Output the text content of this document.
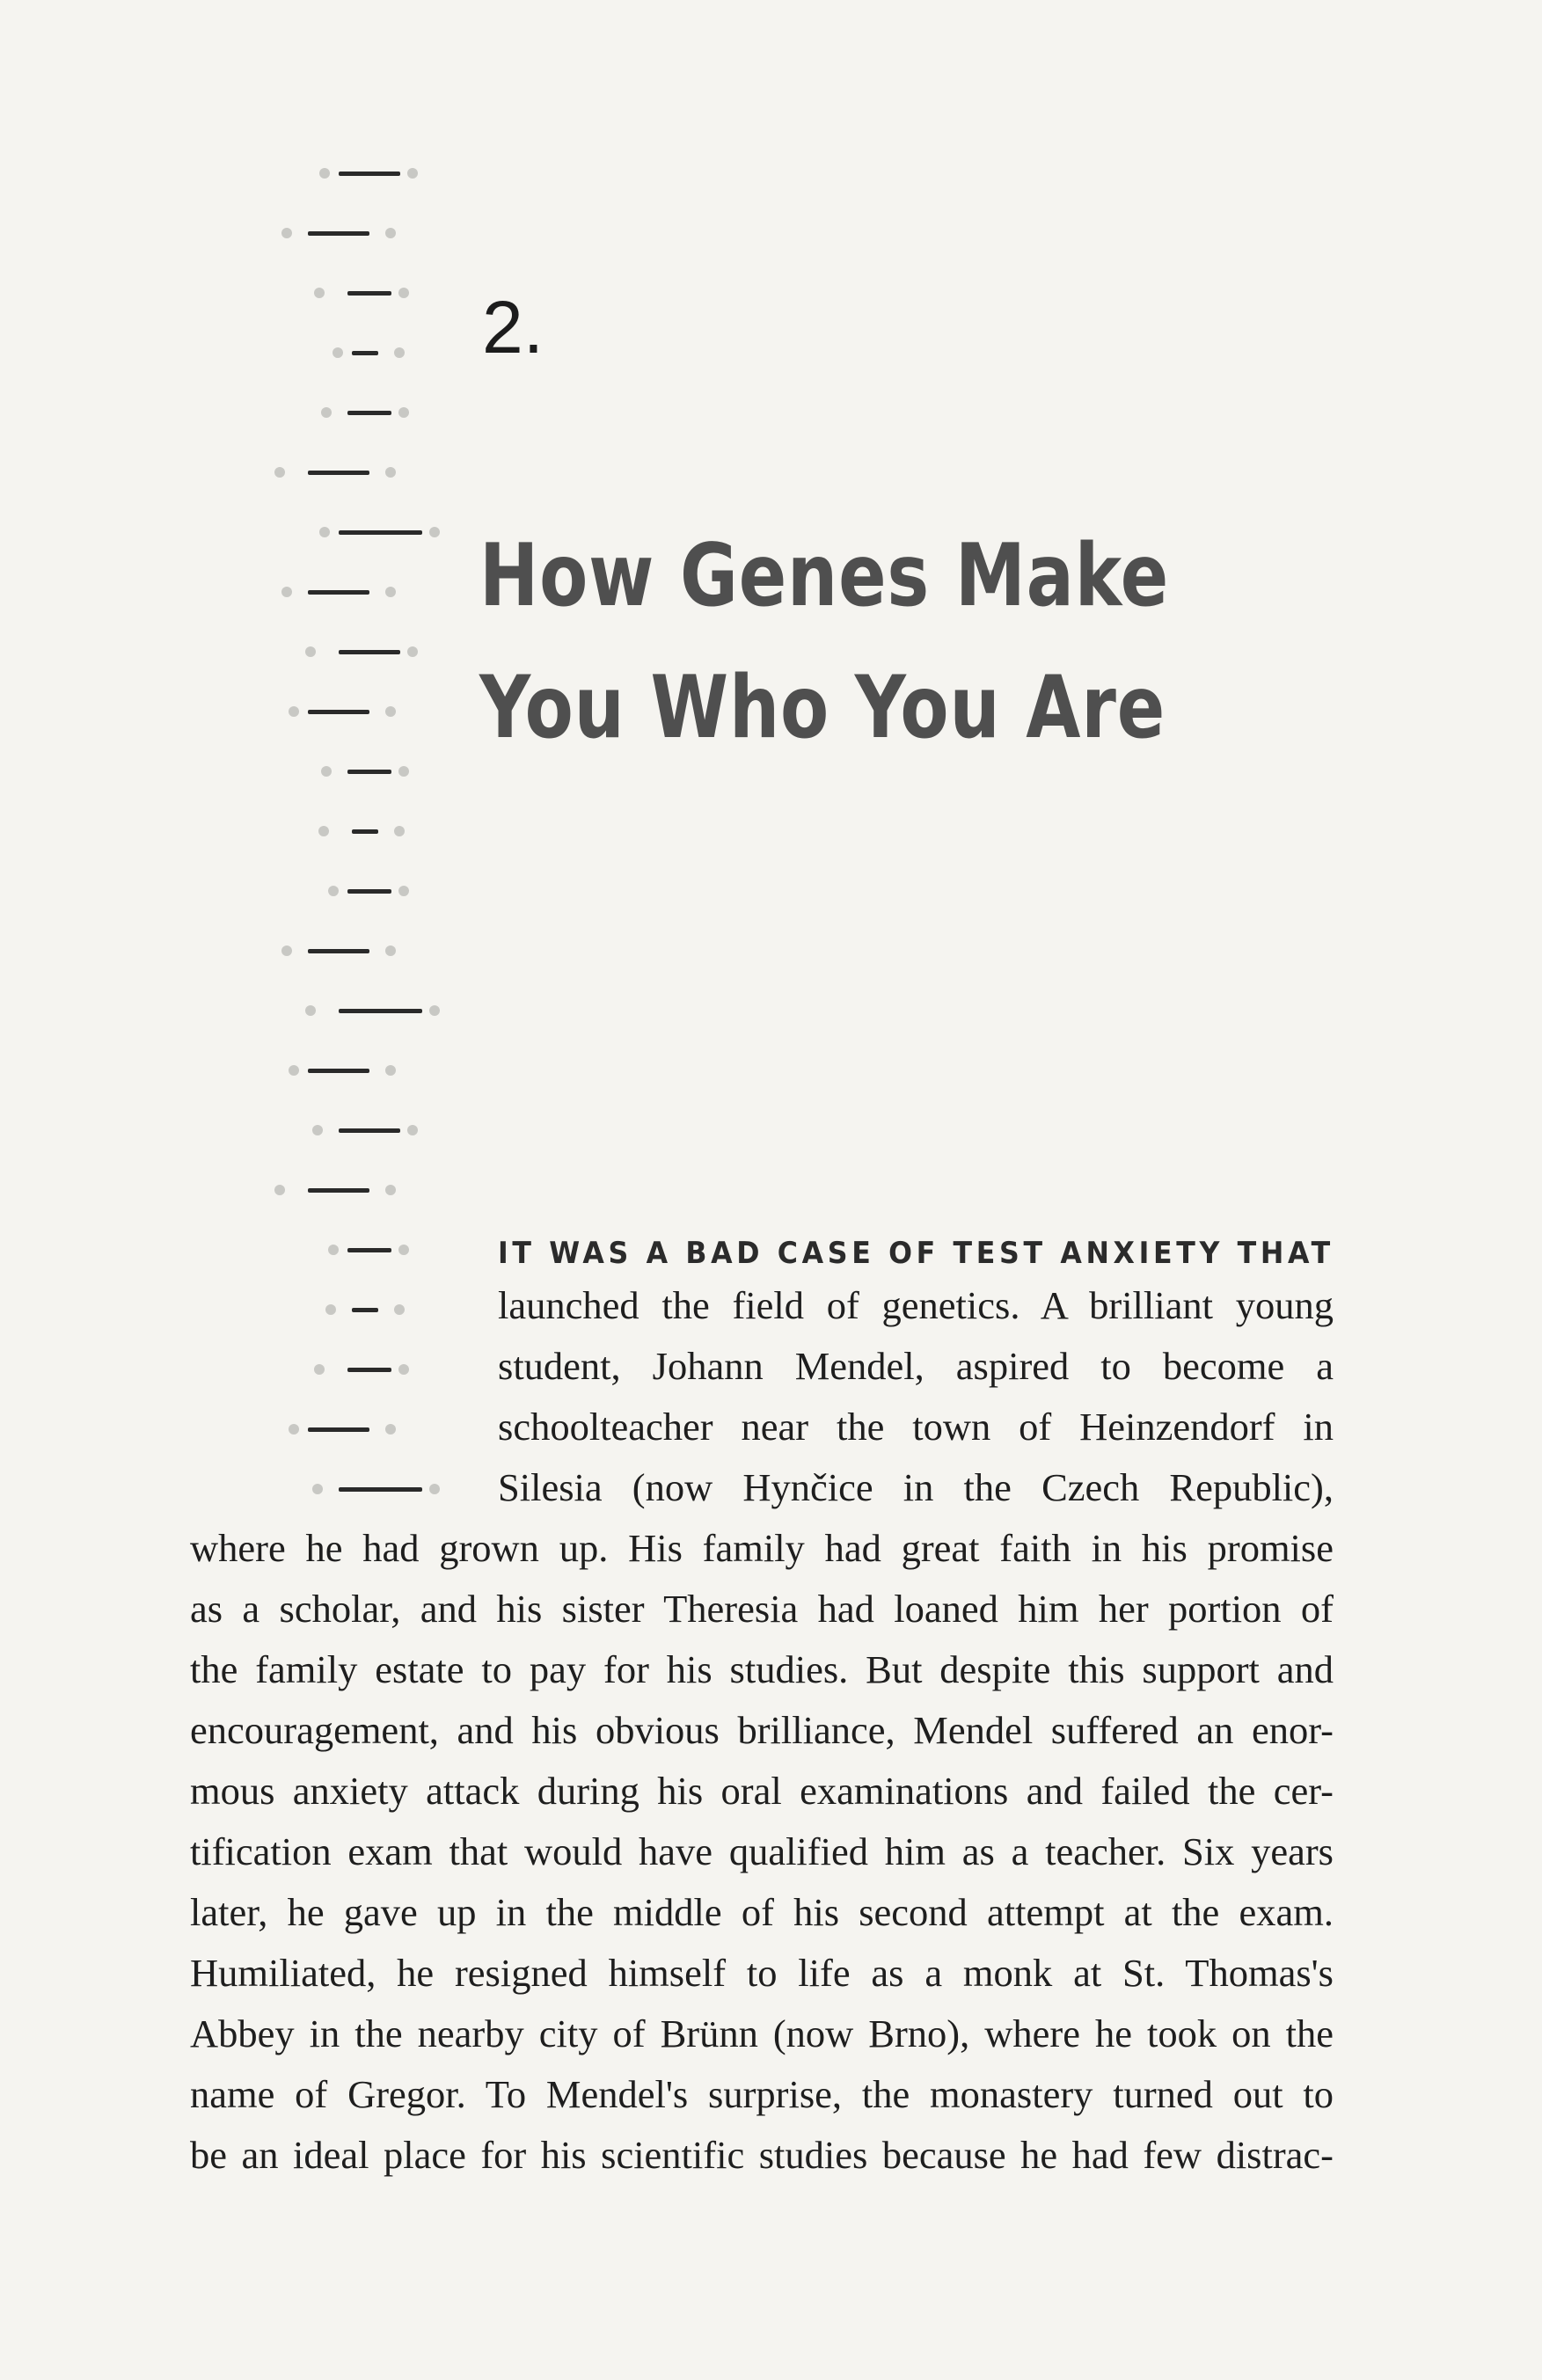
2.
How Genes Make
You Who You Are

IT WAS A BAD CASE OF TEST ANXIETY THAT

launched the field of genetics. A brilliant young
student, Johann Mendel, aspired to become a
schoolteacher near the town of Heinzendorf in
Silesia (now Hynčice in the Czech Republic),
where he had grown up. His family had great faith in his promise
as a scholar, and his sister Theresia had loaned him her portion of
the family estate to pay for his studies. But despite this support and
encouragement, and his obvious brilliance, Mendel suffered an enor-
mous anxiety attack during his oral examinations and failed the cer-
tification exam that would have qualified him as a teacher. Six years
later, he gave up in the middle of his second attempt at the exam.
Humiliated, he resigned himself to life as a monk at St. Thomas's
Abbey in the nearby city of Brünn (now Brno), where he took on the
name of Gregor. To Mendel's surprise, the monastery turned out to
be an ideal place for his scientific studies because he had few distrac-
